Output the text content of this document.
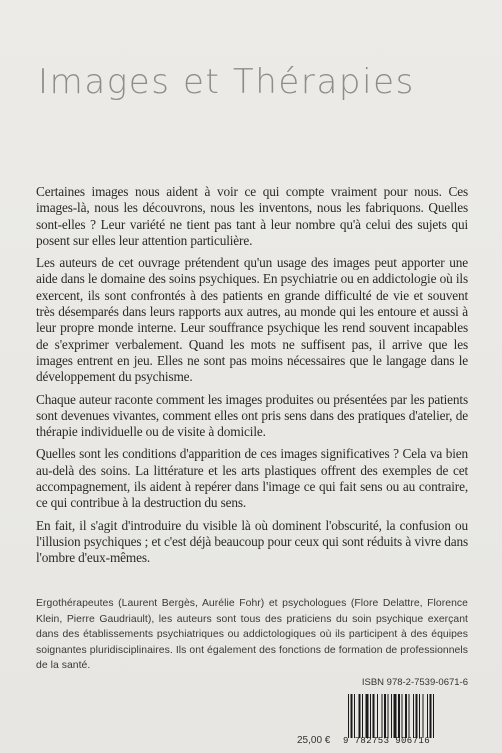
Images et Thérapies

Certaines images nous aident à voir ce qui compte vraiment pour nous. Ces images-là, nous les découvrons, nous les inventons, nous les fabriquons. Quelles sont-elles ? Leur variété ne tient pas tant à leur nombre qu'à celui des sujets qui posent sur elles leur attention particulière.

Les auteurs de cet ouvrage prétendent qu'un usage des images peut apporter une aide dans le domaine des soins psychiques. En psychiatrie ou en addictologie où ils exercent, ils sont confrontés à des patients en grande difficulté de vie et souvent très désemparés dans leurs rapports aux autres, au monde qui les entoure et aussi à leur propre monde interne. Leur souffrance psychique les rend souvent incapables de s'exprimer verbalement. Quand les mots ne suffisent pas, il arrive que les images entrent en jeu. Elles ne sont pas moins nécessaires que le langage dans le développement du psychisme.

Chaque auteur raconte comment les images produites ou présentées par les patients sont devenues vivantes, comment elles ont pris sens dans des pratiques d'atelier, de thérapie individuelle ou de visite à domicile.

Quelles sont les conditions d'apparition de ces images significatives ? Cela va bien au-delà des soins. La littérature et les arts plastiques offrent des exemples de cet accompagnement, ils aident à repérer dans l'image ce qui fait sens ou au contraire, ce qui contribue à la destruction du sens.

En fait, il s'agit d'introduire du visible là où dominent l'obscurité, la confusion ou l'illusion psychiques ; et c'est déjà beaucoup pour ceux qui sont réduits à vivre dans l'ombre d'eux-mêmes.

Ergothérapeutes (Laurent Bergès, Aurélie Fohr) et psychologues (Flore Delattre, Florence Klein, Pierre Gaudriault), les auteurs sont tous des praticiens du soin psychique exerçant dans des établissements psychiatriques ou addictologiques où ils participent à des équipes soignantes pluridisciplinaires. Ils ont également des fonctions de formation de professionnels de la santé.
ISBN 978-2-7539-0671-6
9 782753 906716
25,00 €
